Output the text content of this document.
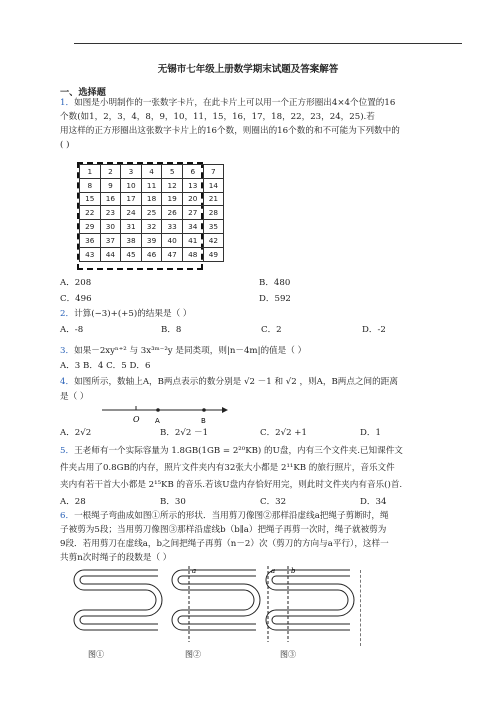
无锡市七年级上册数学期末试题及答案解答
一、选择题
1．如图是小明制作的一张数字卡片，在此卡片上可以用一个正方形圈出4×4个位置的16
个数(如1，2，3，4，8，9，10，11，15，16，17，18，22，23，24，25).若
用这样的正方形圈出这张数字卡片上的16个数，则圈出的16个数的和不可能为下列数中的
( )
1	2	3	4	5	6	7
8	9	10	11	12	13	14
15	16	17	18	19	20	21
22	23	24	25	26	27	28
29	30	31	32	33	34	35
36	37	38	39	40	41	42
43	44	45	46	47	48	49
A．208	B．480
C．496	D．592
2．计算(−3)+(+5)的结果是（ ）
A．-8	B．8	C．2	D．-2
3．如果－2xyⁿ⁺² 与 3x³ᵐ⁻²y 是同类项，则|n－4m|的值是（ ）
A．3 B．4 C．5 D．6
4．如图所示，数轴上A，B两点表示的数分别是 √2 －1 和 √2 ，则A，B两点之间的距离
是（ ）
O A	B
A．2√2	B．2√2 －1	C．2√2 +1	D．1
5．王老师有一个实际容量为 1.8GB(1GB = 2²⁰KB) 的U盘，内有三个文件夹.已知课件文
件夹占用了0.8GB的内存，照片文件夹内有32张大小都是 2¹¹KB 的旅行照片，音乐文件
夹内有若干首大小都是 2¹⁵KB 的音乐.若该U盘内存恰好用完，则此时文件夹内有音乐()首.
A．28	B．30	C．32	D．34
6．一根绳子弯曲成如图①所示的形状．当用剪刀像图②那样沿虚线a把绳子剪断时，绳
子被剪为5段；当用剪刀像图③那样沿虚线b（b∥a）把绳子再剪一次时，绳子就被剪为
9段．若用剪刀在虚线a，b之间把绳子再剪（n－2）次（剪刀的方向与a平行），这样一
共剪n次时绳子的段数是（ ）
a	a b
图①	图②	图③
